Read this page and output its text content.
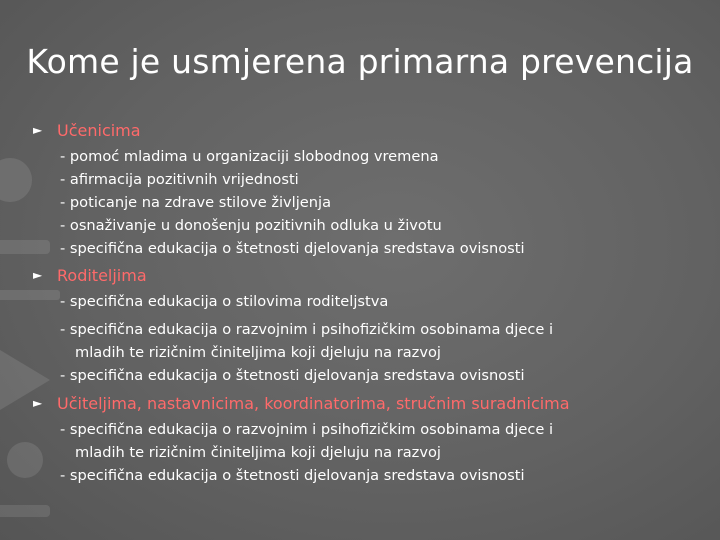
Kome je usmjerena primarna prevencija
► Učenicima
- pomoć mladima u organizaciji slobodnog vremena
- afirmacija pozitivnih vrijednosti
- poticanje na zdrave stilove življenja
- osnaživanje u donošenju pozitivnih odluka u životu
- specifična edukacija o štetnosti djelovanja sredstava ovisnosti
► Roditeljima
- specifična edukacija o stilovima roditeljstva
- specifična edukacija o razvojnim i psihofizičkim osobinama djece i
mladih te rizičnim činiteljima koji djeluju na razvoj
- specifična edukacija o štetnosti djelovanja sredstava ovisnosti
► Učiteljima, nastavnicima, koordinatorima, stručnim suradnicima
- specifična edukacija o razvojnim i psihofizičkim osobinama djece i
mladih te rizičnim činiteljima koji djeluju na razvoj
- specifična edukacija o štetnosti djelovanja sredstava ovisnosti
